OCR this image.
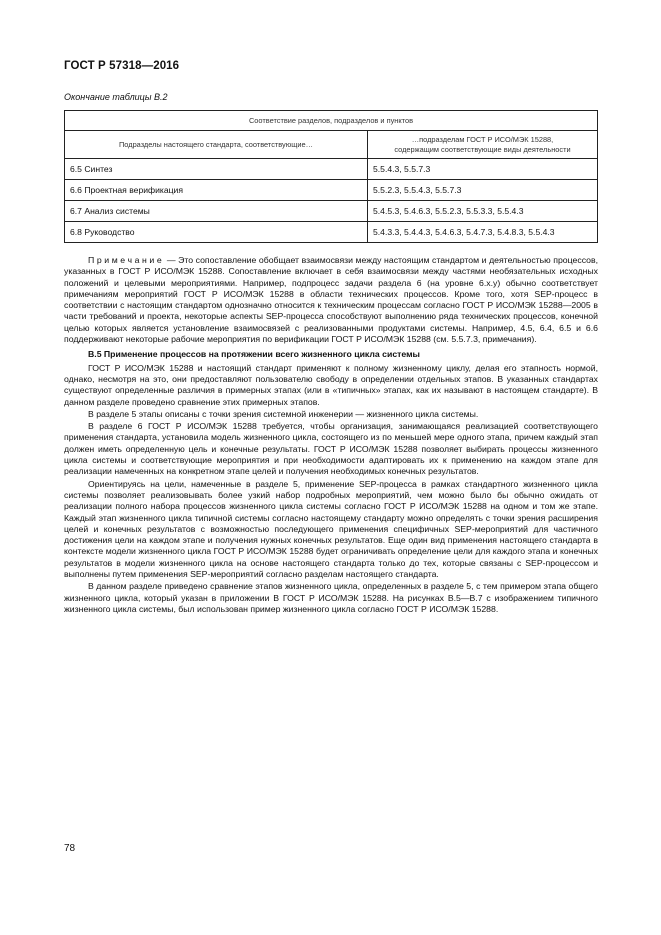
ГОСТ Р 57318—2016
Окончание таблицы В.2
Соответствие разделов, подразделов и пунктов	
Подразделы настоящего стандарта, соответствующие…	…подразделам ГОСТ Р ИСО/МЭК 15288,
содержащим соответствующие виды деятельности

6.5 Синтез	5.5.4.3, 5.5.7.3
6.6 Проектная верификация	5.5.2.3, 5.5.4.3, 5.5.7.3
6.7 Анализ системы	5.4.5.3, 5.4.6.3, 5.5.2.3, 5.5.3.3, 5.5.4.3
6.8 Руководство	5.4.3.3, 5.4.4.3, 5.4.6.3, 5.4.7.3, 5.4.8.3, 5.5.4.3

Примечание — Это сопоставление обобщает взаимосвязи между настоящим стандартом и деятельностью процессов, указанных в ГОСТ Р ИСО/МЭК 15288. Сопоставление включает в себя взаимосвязи между частями необязательных исходных положений и целевыми мероприятиями. Например, подпроцесс задачи раздела 6 (на уровне 6.х.у) обычно соответствует примечаниям мероприятий ГОСТ Р ИСО/МЭК 15288 в области технических процессов. Кроме того, хотя SEP-процесс в соответствии с настоящим стандартом однозначно относится к техническим процессам согласно ГОСТ Р ИСО/МЭК 15288—2005 в части требований и проекта, некоторые аспекты SEP-процесса способствуют выполнению ряда технических процессов, конечной целью которых является установление взаимосвязей с реализованными продуктами системы. Например, 4.5, 6.4, 6.5 и 6.6 поддерживают некоторые рабочие мероприятия по верификации ГОСТ Р ИСО/МЭК 15288 (см. 5.5.7.3, примечания).

В.5 Применение процессов на протяжении всего жизненного цикла системы

ГОСТ Р ИСО/МЭК 15288 и настоящий стандарт применяют к полному жизненному циклу, делая его этапность нормой, однако, несмотря на это, они предоставляют пользователю свободу в определении отдельных этапов. В указанных стандартах существуют определенные различия в примерных этапах (или в «типичных» этапах, как их называют в настоящем стандарте). В данном разделе проведено сравнение этих примерных этапов.

В разделе 5 этапы описаны с точки зрения системной инженерии — жизненного цикла системы.

В разделе 6 ГОСТ Р ИСО/МЭК 15288 требуется, чтобы организация, занимающаяся реализацией соответствующего применения стандарта, установила модель жизненного цикла, состоящего из по меньшей мере одного этапа, причем каждый этап должен иметь определенную цель и конечные результаты. ГОСТ Р ИСО/МЭК 15288 позволяет выбирать процессы жизненного цикла системы и соответствующие мероприятия и при необходимости адаптировать их к применению на каждом этапе для реализации намеченных на конкретном этапе целей и получения необходимых конечных результатов.

Ориентируясь на цели, намеченные в разделе 5, применение SEP-процесса в рамках стандартного жизненного цикла системы позволяет реализовывать более узкий набор подробных мероприятий, чем можно было бы обычно ожидать от реализации полного набора процессов жизненного цикла системы согласно ГОСТ Р ИСО/МЭК 15288 на одном и том же этапе. Каждый этап жизненного цикла типичной системы согласно настоящему стандарту можно определять с точки зрения расширения целей и конечных результатов с возможностью последующего применения специфичных SEP-мероприятий для частичного достижения цели на каждом этапе и получения нужных конечных результатов. Еще один вид применения настоящего стандарта в контексте модели жизненного цикла ГОСТ Р ИСО/МЭК 15288 будет ограничивать определение цели для каждого этапа и конечных результатов в модели жизненного цикла на основе настоящего стандарта только до тех, которые связаны с SEP-процессом и выполнены путем применения SEP-мероприятий согласно разделам настоящего стандарта.

В данном разделе приведено сравнение этапов жизненного цикла, определенных в разделе 5, с тем примером этапа общего жизненного цикла, который указан в приложении В ГОСТ Р ИСО/МЭК 15288. На рисунках В.5—В.7 с изображением типичного жизненного цикла системы, был использован пример жизненного цикла согласно ГОСТ Р ИСО/МЭК 15288.

78
